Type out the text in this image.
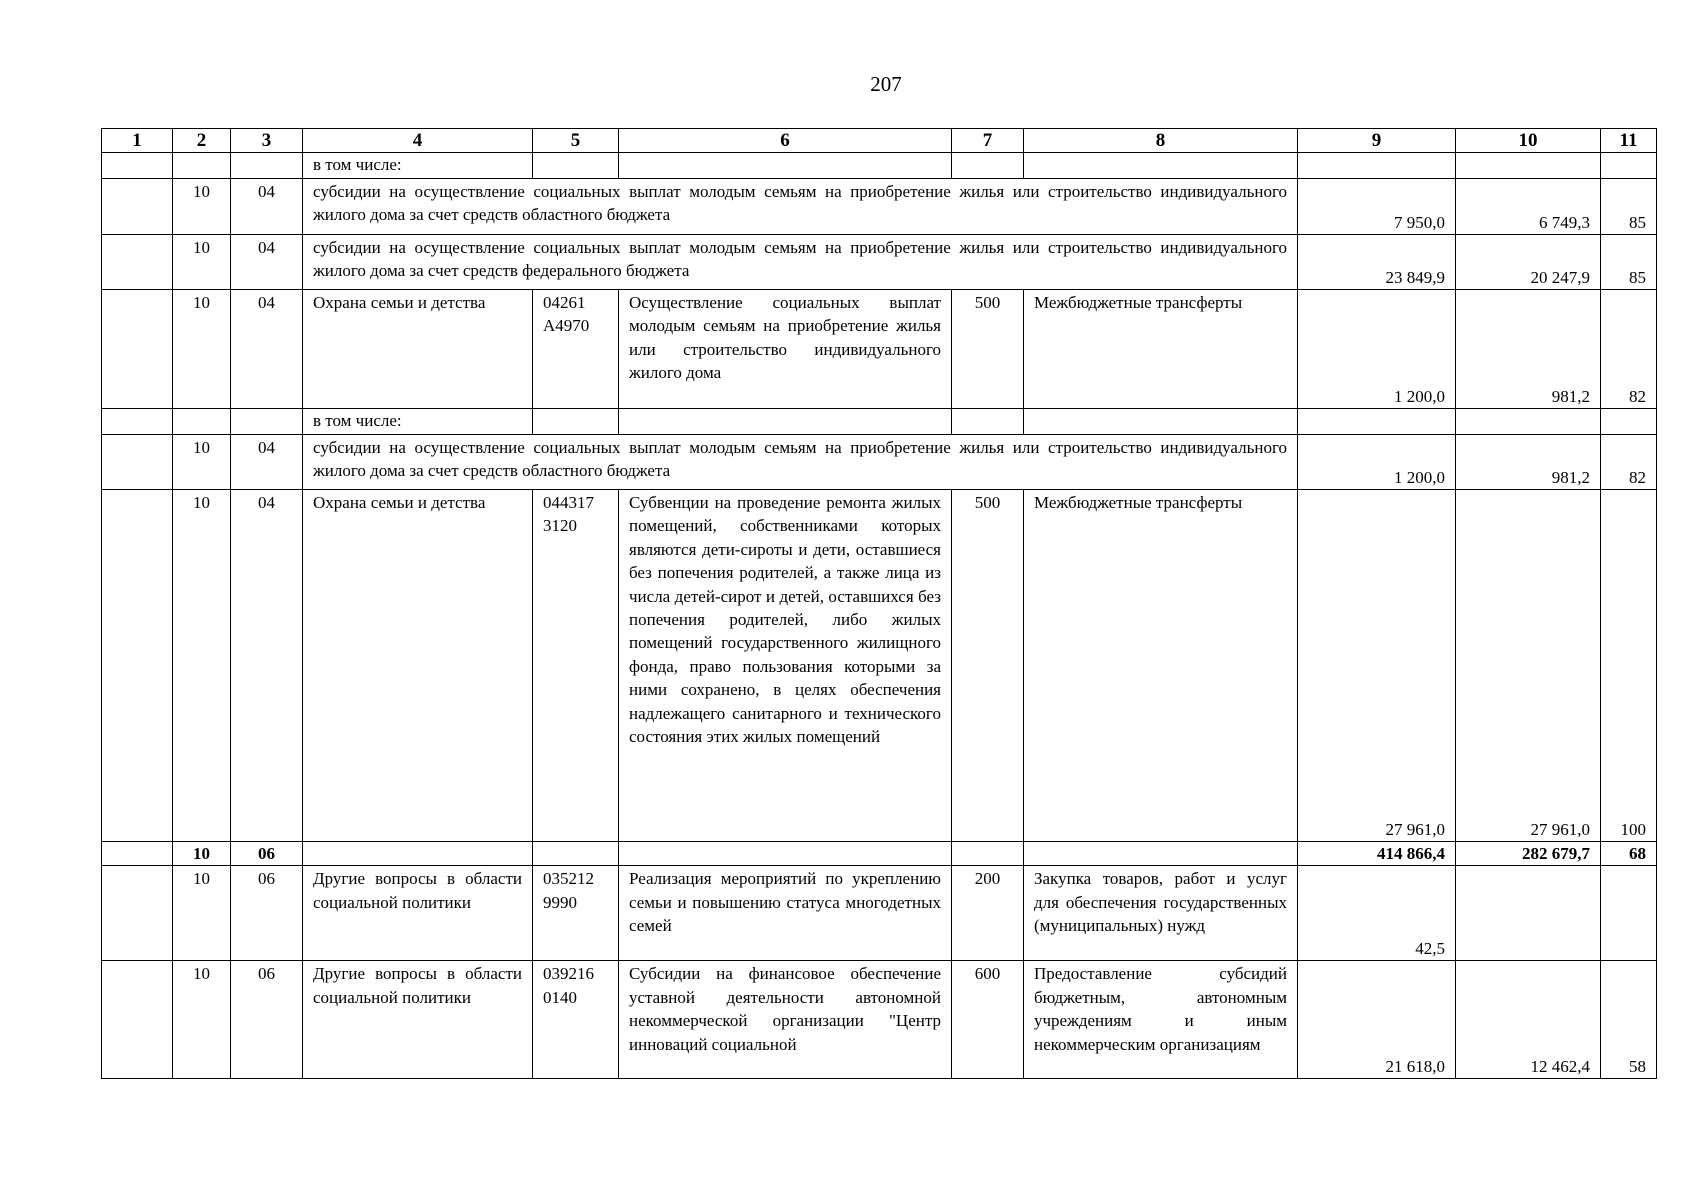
207
1	2	3	4	5	6	7	8	9	10	11
			в том числе:							
	10	04	субсидии на осуществление социальных выплат молодым семьям на приобретение жилья или строительство индивидуального жилого дома за счет средств областного бюджета					7 950,0	6 749,3	85
	10	04	субсидии на осуществление социальных выплат молодым семьям на приобретение жилья или строительство индивидуального жилого дома за счет средств федерального бюджета					23 849,9	20 247,9	85
	10	04	Охрана семьи и детства	04261 А4970	Осуществление социальных выплат молодым семьям на приобретение жилья или строительство индивидуального жилого дома	500	Межбюджетные трансферты	1 200,0	981,2	82
			в том числе:							
	10	04	субсидии на осуществление социальных выплат молодым семьям на приобретение жилья или строительство индивидуального жилого дома за счет средств областного бюджета					1 200,0	981,2	82
	10	04	Охрана семьи и детства	044317 3120	Субвенции на проведение ремонта жилых помещений, собственниками которых являются дети-сироты и дети, оставшиеся без попечения родителей, а также лица из числа детей-сирот и детей, оставшихся без попечения родителей, либо жилых помещений государственного жилищного фонда, право пользования которыми за ними сохранено, в целях обеспечения надлежащего санитарного и технического состояния этих жилых помещений	500	Межбюджетные трансферты	27 961,0	27 961,0	100
	10	06						414 866,4	282 679,7	68
	10	06	Другие вопросы в области социальной политики	035212 9990	Реализация мероприятий по укреплению семьи и повышению статуса многодетных семей	200	Закупка товаров, работ и услуг для обеспечения государственных (муниципальных) нужд	42,5		
	10	06	Другие вопросы в области социальной политики	039216 0140	Субсидии на финансовое обеспечение уставной деятельности автономной некоммерческой организации "Центр инноваций социальной	600	Предоставление субсидий бюджетным, автономным учреждениям и иным некоммерческим организациям	21 618,0	12 462,4	58
